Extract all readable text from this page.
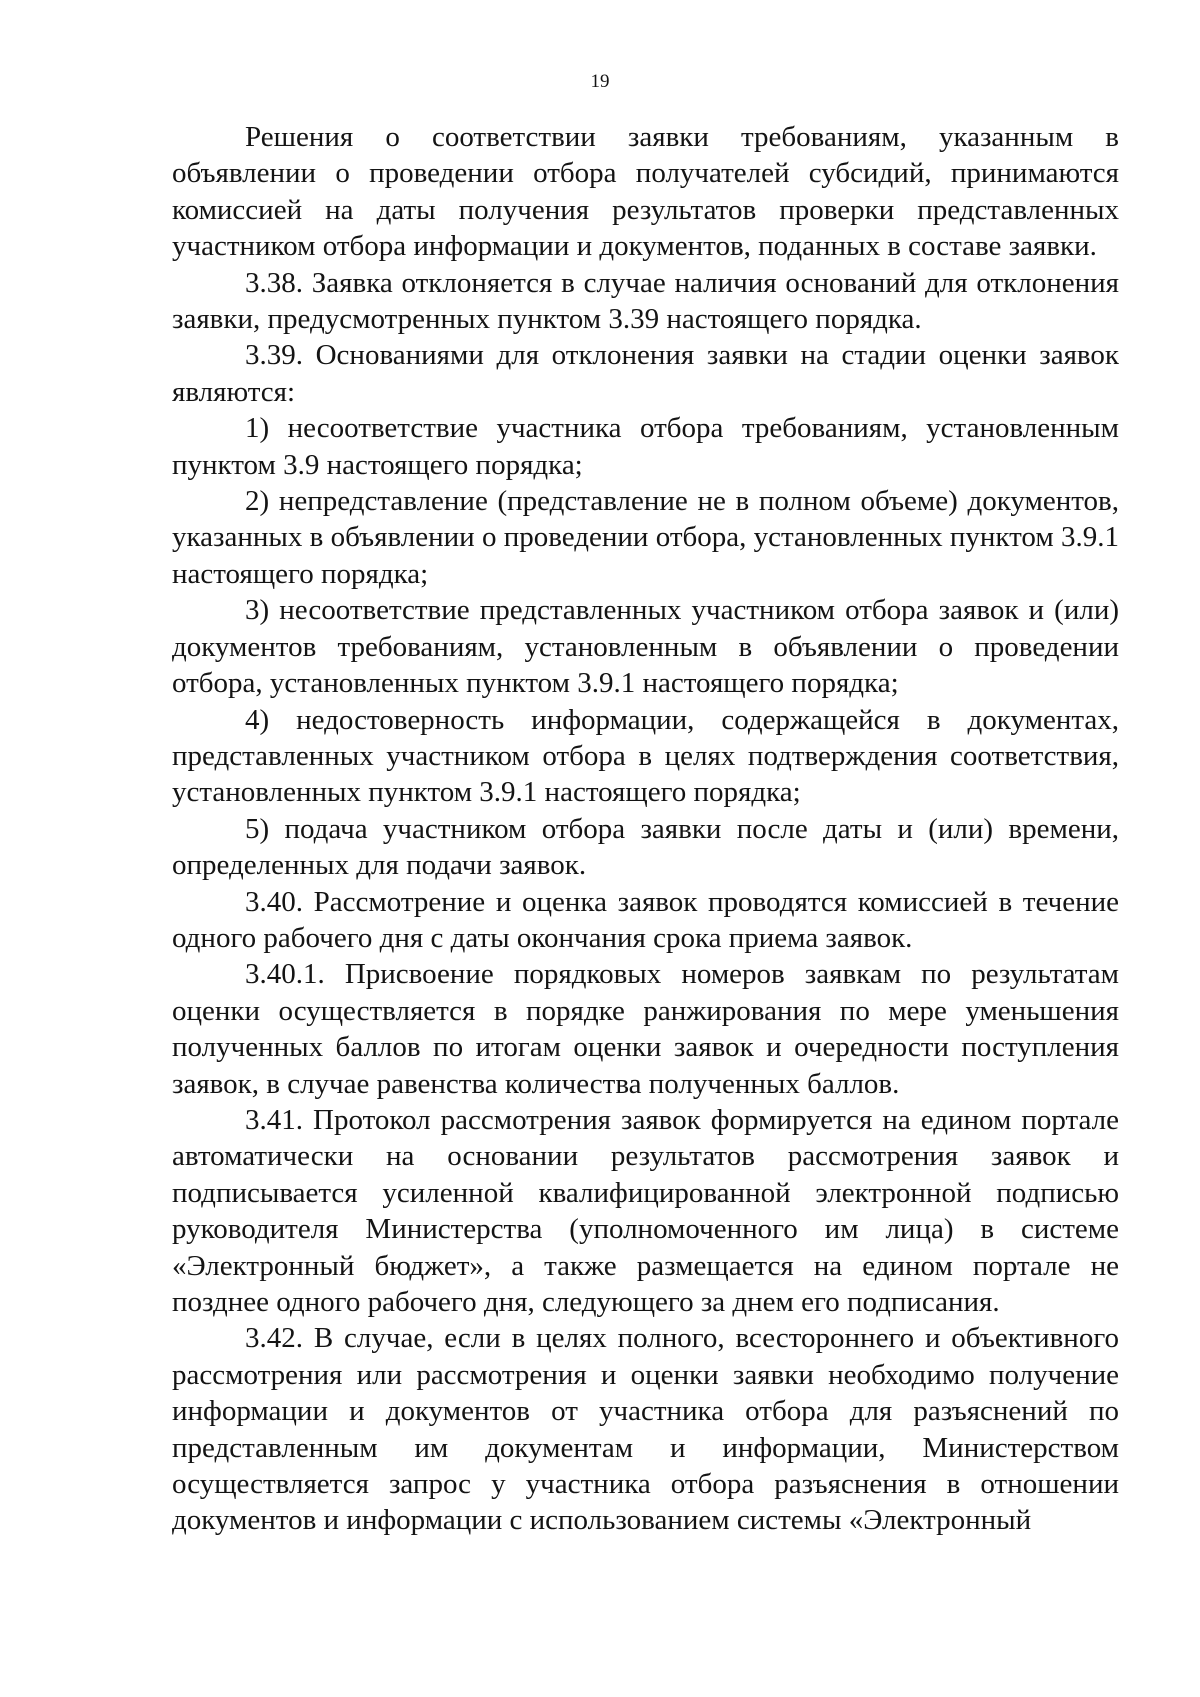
19

Решения о соответствии заявки требованиям, указанным в объявлении о проведении отбора получателей субсидий, принимаются комиссией на даты получения результатов проверки представленных участником отбора информации и документов, поданных в составе заявки.

3.38. Заявка отклоняется в случае наличия оснований для отклонения заявки, предусмотренных пунктом 3.39 настоящего порядка.

3.39. Основаниями для отклонения заявки на стадии оценки заявок являются:

1) несоответствие участника отбора требованиям, установленным пунктом 3.9 настоящего порядка;

2) непредставление (представление не в полном объеме) документов, указанных в объявлении о проведении отбора, установленных пунктом 3.9.1 настоящего порядка;

3) несоответствие представленных участником отбора заявок и (или) документов требованиям, установленным в объявлении о проведении отбора, установленных пунктом 3.9.1 настоящего порядка;

4) недостоверность информации, содержащейся в документах, представленных участником отбора в целях подтверждения соответствия, установленных пунктом 3.9.1 настоящего порядка;

5) подача участником отбора заявки после даты и (или) времени, определенных для подачи заявок.

3.40. Рассмотрение и оценка заявок проводятся комиссией в течение одного рабочего дня с даты окончания срока приема заявок.

3.40.1. Присвоение порядковых номеров заявкам по результатам оценки осуществляется в порядке ранжирования по мере уменьшения полученных баллов по итогам оценки заявок и очередности поступления заявок, в случае равенства количества полученных баллов.

3.41. Протокол рассмотрения заявок формируется на едином портале автоматически на основании результатов рассмотрения заявок и подписывается усиленной квалифицированной электронной подписью руководителя Министерства (уполномоченного им лица) в системе «Электронный бюджет», а также размещается на едином портале не позднее одного рабочего дня, следующего за днем его подписания.

3.42. В случае, если в целях полного, всестороннего и объективного рассмотрения или рассмотрения и оценки заявки необходимо получение информации и документов от участника отбора для разъяснений по представленным им документам и информации, Министерством осуществляется запрос у участника отбора разъяснения в отношении документов и информации с использованием системы «Электронный
